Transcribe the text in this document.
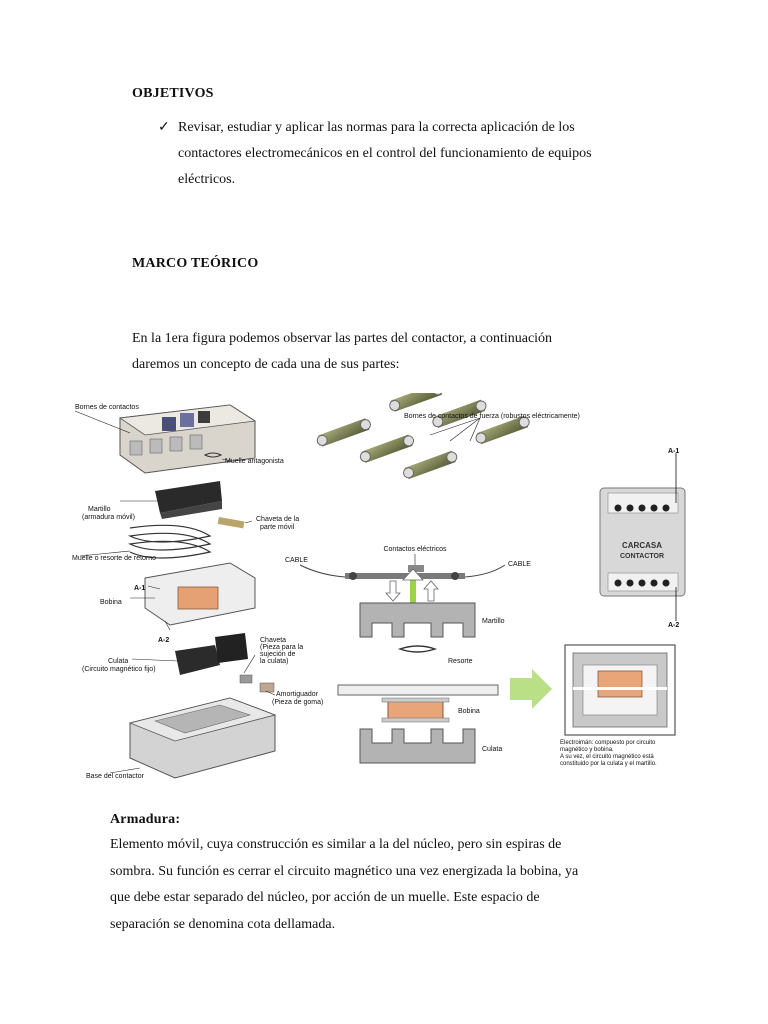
OBJETIVOS
✓ Revisar, estudiar y aplicar las normas para la correcta aplicación de los
contactores electromecánicos en el control del funcionamiento de equipos
eléctricos.
MARCO TEÓRICO
En la 1era figura podemos observar las partes del contactor, a continuación
daremos un concepto de cada una de sus partes:
Bornes de contactos
Muelle antagonista
Martillo
(armadura móvil)	Chaveta de la
parte móvil
Muelle o resorte de retorno
A-1
Bobina
A-2	Chaveta
(Pieza para la
sujeción de
la culata)
Culata
(Circuito magnético fijo)
Amortiguador
(Pieza de goma)
Base del contactor
Bornes de contactos de fuerza (robustos eléctricamente)
A-1
A-2
CARCASA
CONTACTOR
Contactos eléctricos
CABLE
CABLE
Martillo
Resorte
Bobina
Culata
Electroimán: compuesto por circuito
magnético y bobina.
A su vez, el circuito magnético está
constituido por la culata y el martillo.
Armadura:
Elemento móvil, cuya construcción es similar a la del núcleo, pero sin espiras de
sombra. Su función es cerrar el circuito magnético una vez energizada la bobina, ya
que debe estar separado del núcleo, por acción de un muelle. Este espacio de
separación se denomina cota dellamada.
